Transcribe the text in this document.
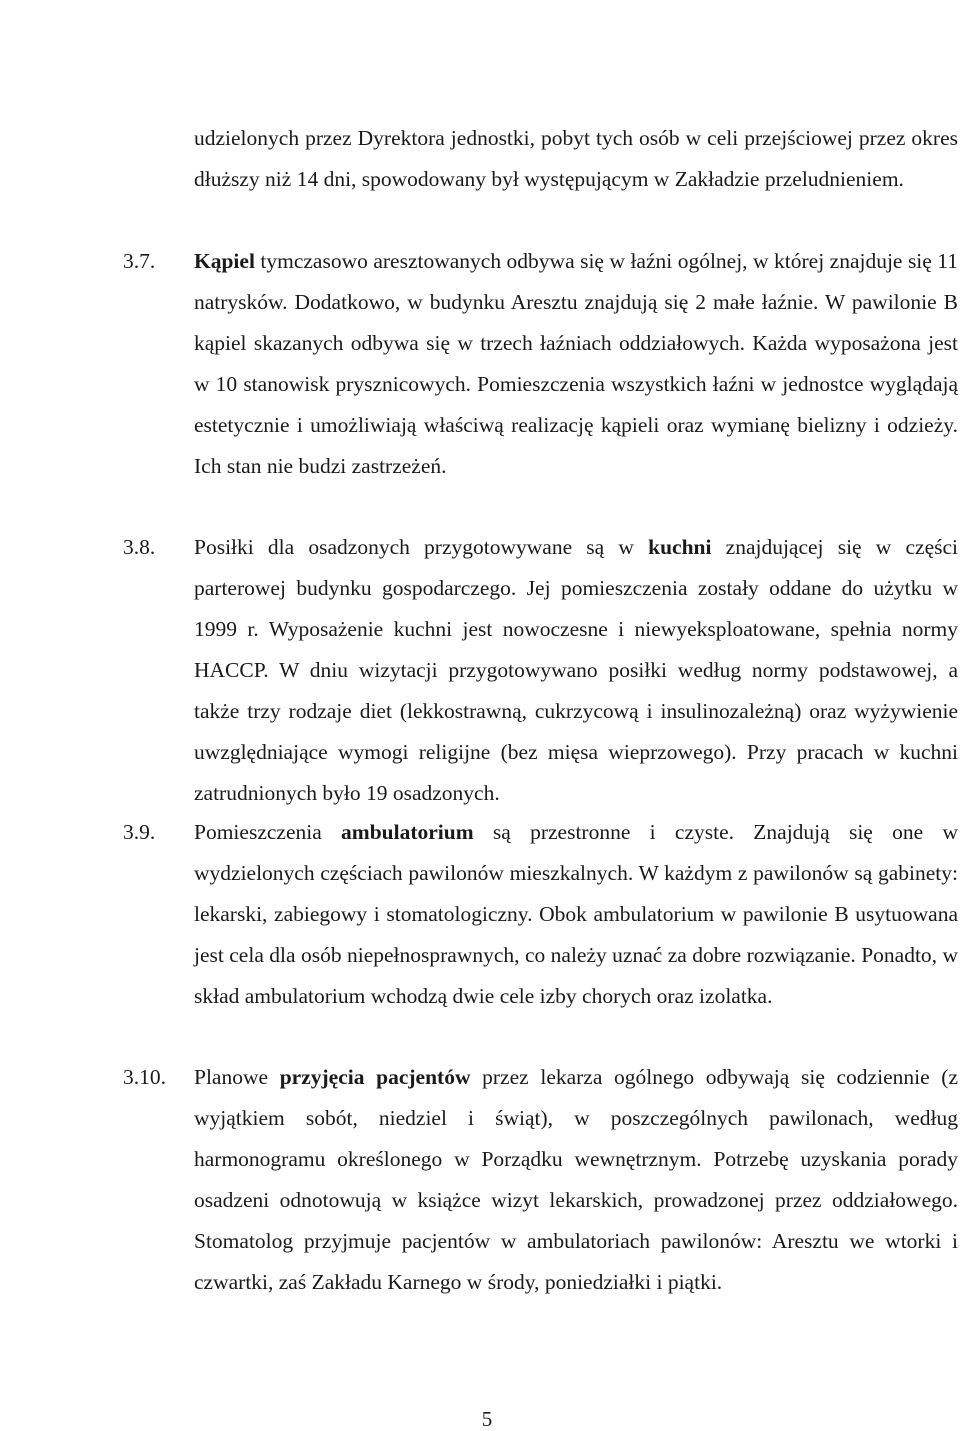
udzielonych przez Dyrektora jednostki, pobyt tych osób w celi przejściowej przez okres dłuższy niż 14 dni, spowodowany był występującym w Zakładzie przeludnieniem.

3.7.	Kąpiel tymczasowo aresztowanych odbywa się w łaźni ogólnej, w której znajduje się 11 natrysków. Dodatkowo, w budynku Aresztu znajdują się 2 małe łaźnie. W pawilonie B kąpiel skazanych odbywa się w trzech łaźniach oddziałowych. Każda wyposażona jest w 10 stanowisk prysznicowych. Pomieszczenia wszystkich łaźni w jednostce wyglądają estetycznie i umożliwiają właściwą realizację kąpieli oraz wymianę bielizny i odzieży. Ich stan nie budzi zastrzeżeń.

3.8.	Posiłki dla osadzonych przygotowywane są w kuchni znajdującej się w części parterowej budynku gospodarczego. Jej pomieszczenia zostały oddane do użytku w 1999 r. Wyposażenie kuchni jest nowoczesne i niewyeksploatowane, spełnia normy HACCP. W dniu wizytacji przygotowywano posiłki według normy podstawowej, a także trzy rodzaje diet (lekkostrawną, cukrzycową i insulinozależną) oraz wyżywienie uwzględniające wymogi religijne (bez mięsa wieprzowego). Przy pracach w kuchni zatrudnionych było 19 osadzonych.

3.9.	Pomieszczenia ambulatorium są przestronne i czyste. Znajdują się one w wydzielonych częściach pawilonów mieszkalnych. W każdym z pawilonów są gabinety: lekarski, zabiegowy i stomatologiczny. Obok ambulatorium w pawilonie B usytuowana jest cela dla osób niepełnosprawnych, co należy uznać za dobre rozwiązanie. Ponadto, w skład ambulatorium wchodzą dwie cele izby chorych oraz izolatka.

3.10.	Planowe przyjęcia pacjentów przez lekarza ogólnego odbywają się codziennie (z wyjątkiem sobót, niedziel i świąt), w poszczególnych pawilonach, według harmonogramu określonego w Porządku wewnętrznym. Potrzebę uzyskania porady osadzeni odnotowują w książce wizyt lekarskich, prowadzonej przez oddziałowego. Stomatolog przyjmuje pacjentów w ambulatoriach pawilonów: Aresztu we wtorki i czwartki, zaś Zakładu Karnego w środy, poniedziałki i piątki.

5
